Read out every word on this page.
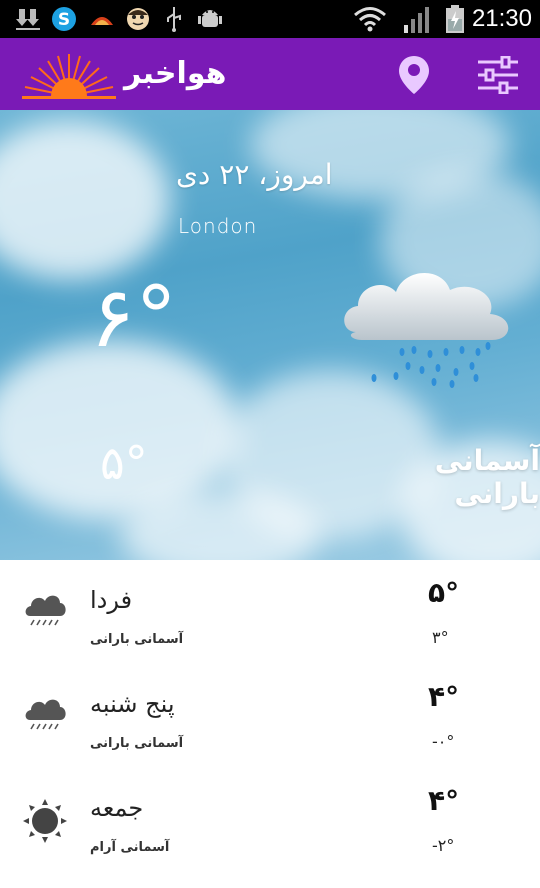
S	21:30
هواخبر
امروز، ۲۲ دی
London
۶°
۵°	آسمانی بارانی
فردا
آسمانی بارانی
۵°
۳°
پنج شنبه
آسمانی بارانی
۴°
-۰°
جمعه
آسمانی آرام
۴°
-۲°
